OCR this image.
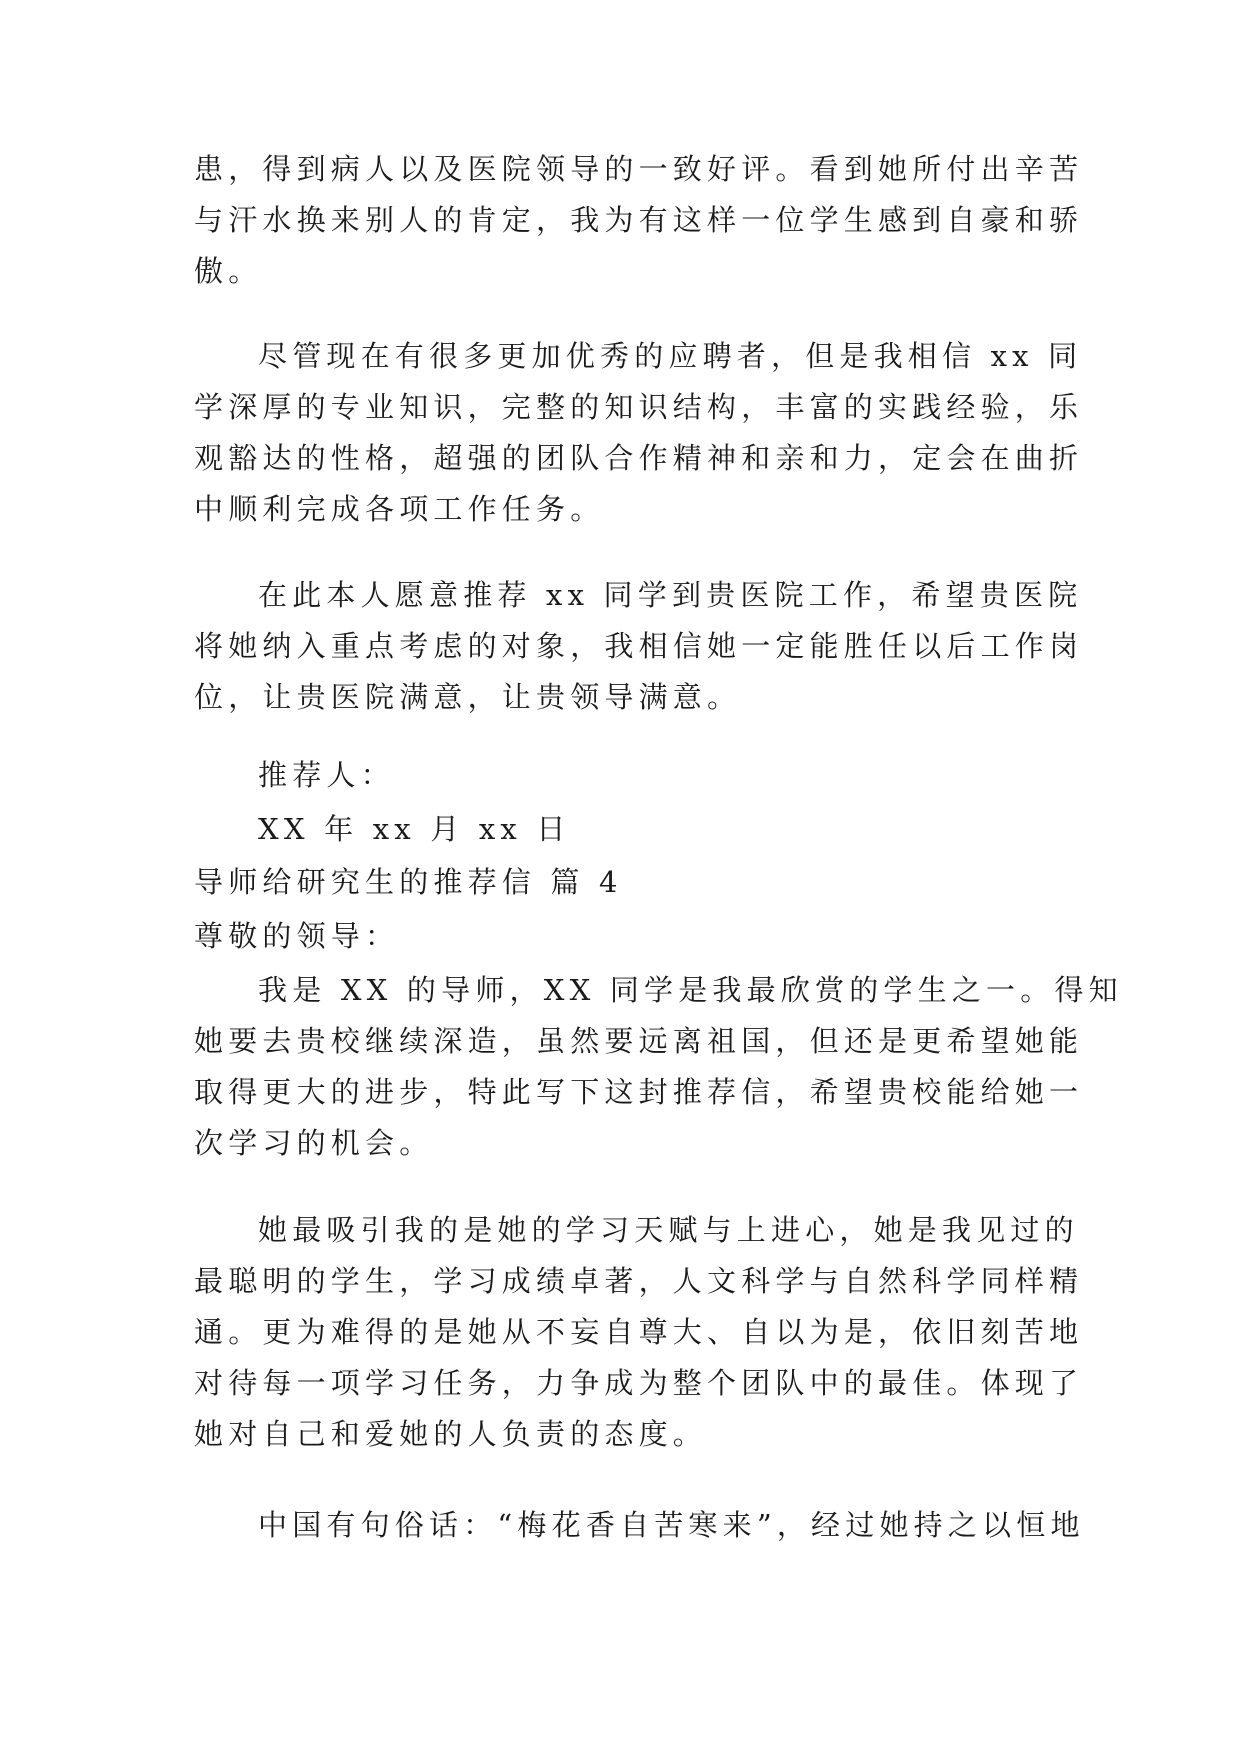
患，得到病人以及医院领导的一致好评。看到她所付出辛苦
与汗水换来别人的肯定，我为有这样一位学生感到自豪和骄
傲。
尽管现在有很多更加优秀的应聘者，但是我相信 xx 同
学深厚的专业知识，完整的知识结构，丰富的实践经验，乐
观豁达的性格，超强的团队合作精神和亲和力，定会在曲折
中顺利完成各项工作任务。
在此本人愿意推荐 xx 同学到贵医院工作，希望贵医院
将她纳入重点考虑的对象，我相信她一定能胜任以后工作岗
位，让贵医院满意，让贵领导满意。
推荐人：
XX 年 xx 月 xx 日
导师给研究生的推荐信 篇 4
尊敬的领导：
我是 XX 的导师，XX 同学是我最欣赏的学生之一。得知
她要去贵校继续深造，虽然要远离祖国，但还是更希望她能
取得更大的进步，特此写下这封推荐信，希望贵校能给她一
次学习的机会。
她最吸引我的是她的学习天赋与上进心，她是我见过的
最聪明的学生，学习成绩卓著，人文科学与自然科学同样精
通。更为难得的是她从不妄自尊大、自以为是，依旧刻苦地
对待每一项学习任务，力争成为整个团队中的最佳。体现了
她对自己和爱她的人负责的态度。
中国有句俗话：“梅花香自苦寒来”，经过她持之以恒地
